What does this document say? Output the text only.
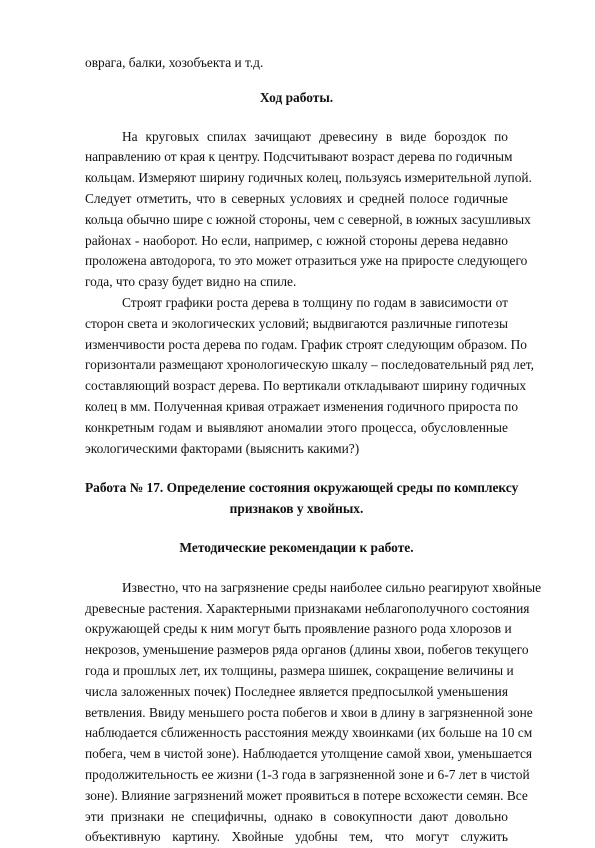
оврага, балки, хозобъекта и т.д.
Ход работы.
На круговых спилах зачищают древесину в виде бороздок по
направлению от края к центру. Подсчитывают возраст дерева по годичным
кольцам. Измеряют ширину годичных колец, пользуясь измерительной лупой.
Следует отметить, что в северных условиях и средней полосе годичные
кольца обычно шире с южной стороны, чем с северной, в южных засушливых
районах - наоборот. Но если, например, с южной стороны дерева недавно
проложена автодорога, то это может отразиться уже на приросте следующего
года, что сразу будет видно на спиле.
Строят графики роста дерева в толщину по годам в зависимости от
сторон света и экологических условий; выдвигаются различные гипотезы
изменчивости роста дерева по годам. График строят следующим образом. По
горизонтали размещают хронологическую шкалу – последовательный ряд лет,
составляющий возраст дерева. По вертикали откладывают ширину годичных
колец в мм. Полученная кривая отражает изменения годичного прироста по
конкретным годам и выявляют аномалии этого процесса, обусловленные
экологическими факторами (выяснить какими?)
Работа № 17. Определение состояния окружающей среды по комплексу
признаков у хвойных.
Методические рекомендации к работе.
Известно, что на загрязнение среды наиболее сильно реагируют хвойные
древесные растения. Характерными признаками неблагополучного состояния
окружающей среды к ним могут быть проявление разного рода хлорозов и
некрозов, уменьшение размеров ряда органов (длины хвои, побегов текущего
года и прошлых лет, их толщины, размера шишек, сокращение величины и
числа заложенных почек) Последнее является предпосылкой уменьшения
ветвления. Ввиду меньшего роста побегов и хвои в длину в загрязненной зоне
наблюдается сближенность расстояния между хвоинками (их больше на 10 см
побега, чем в чистой зоне). Наблюдается утолщение самой хвои, уменьшается
продолжительность ее жизни (1-3 года в загрязненной зоне и 6-7 лет в чистой
зоне). Влияние загрязнений может проявиться в потере всхожести семян. Все
эти признаки не специфичны, однако в совокупности дают довольно
объективную картину. Хвойные удобны тем, что могут служить
